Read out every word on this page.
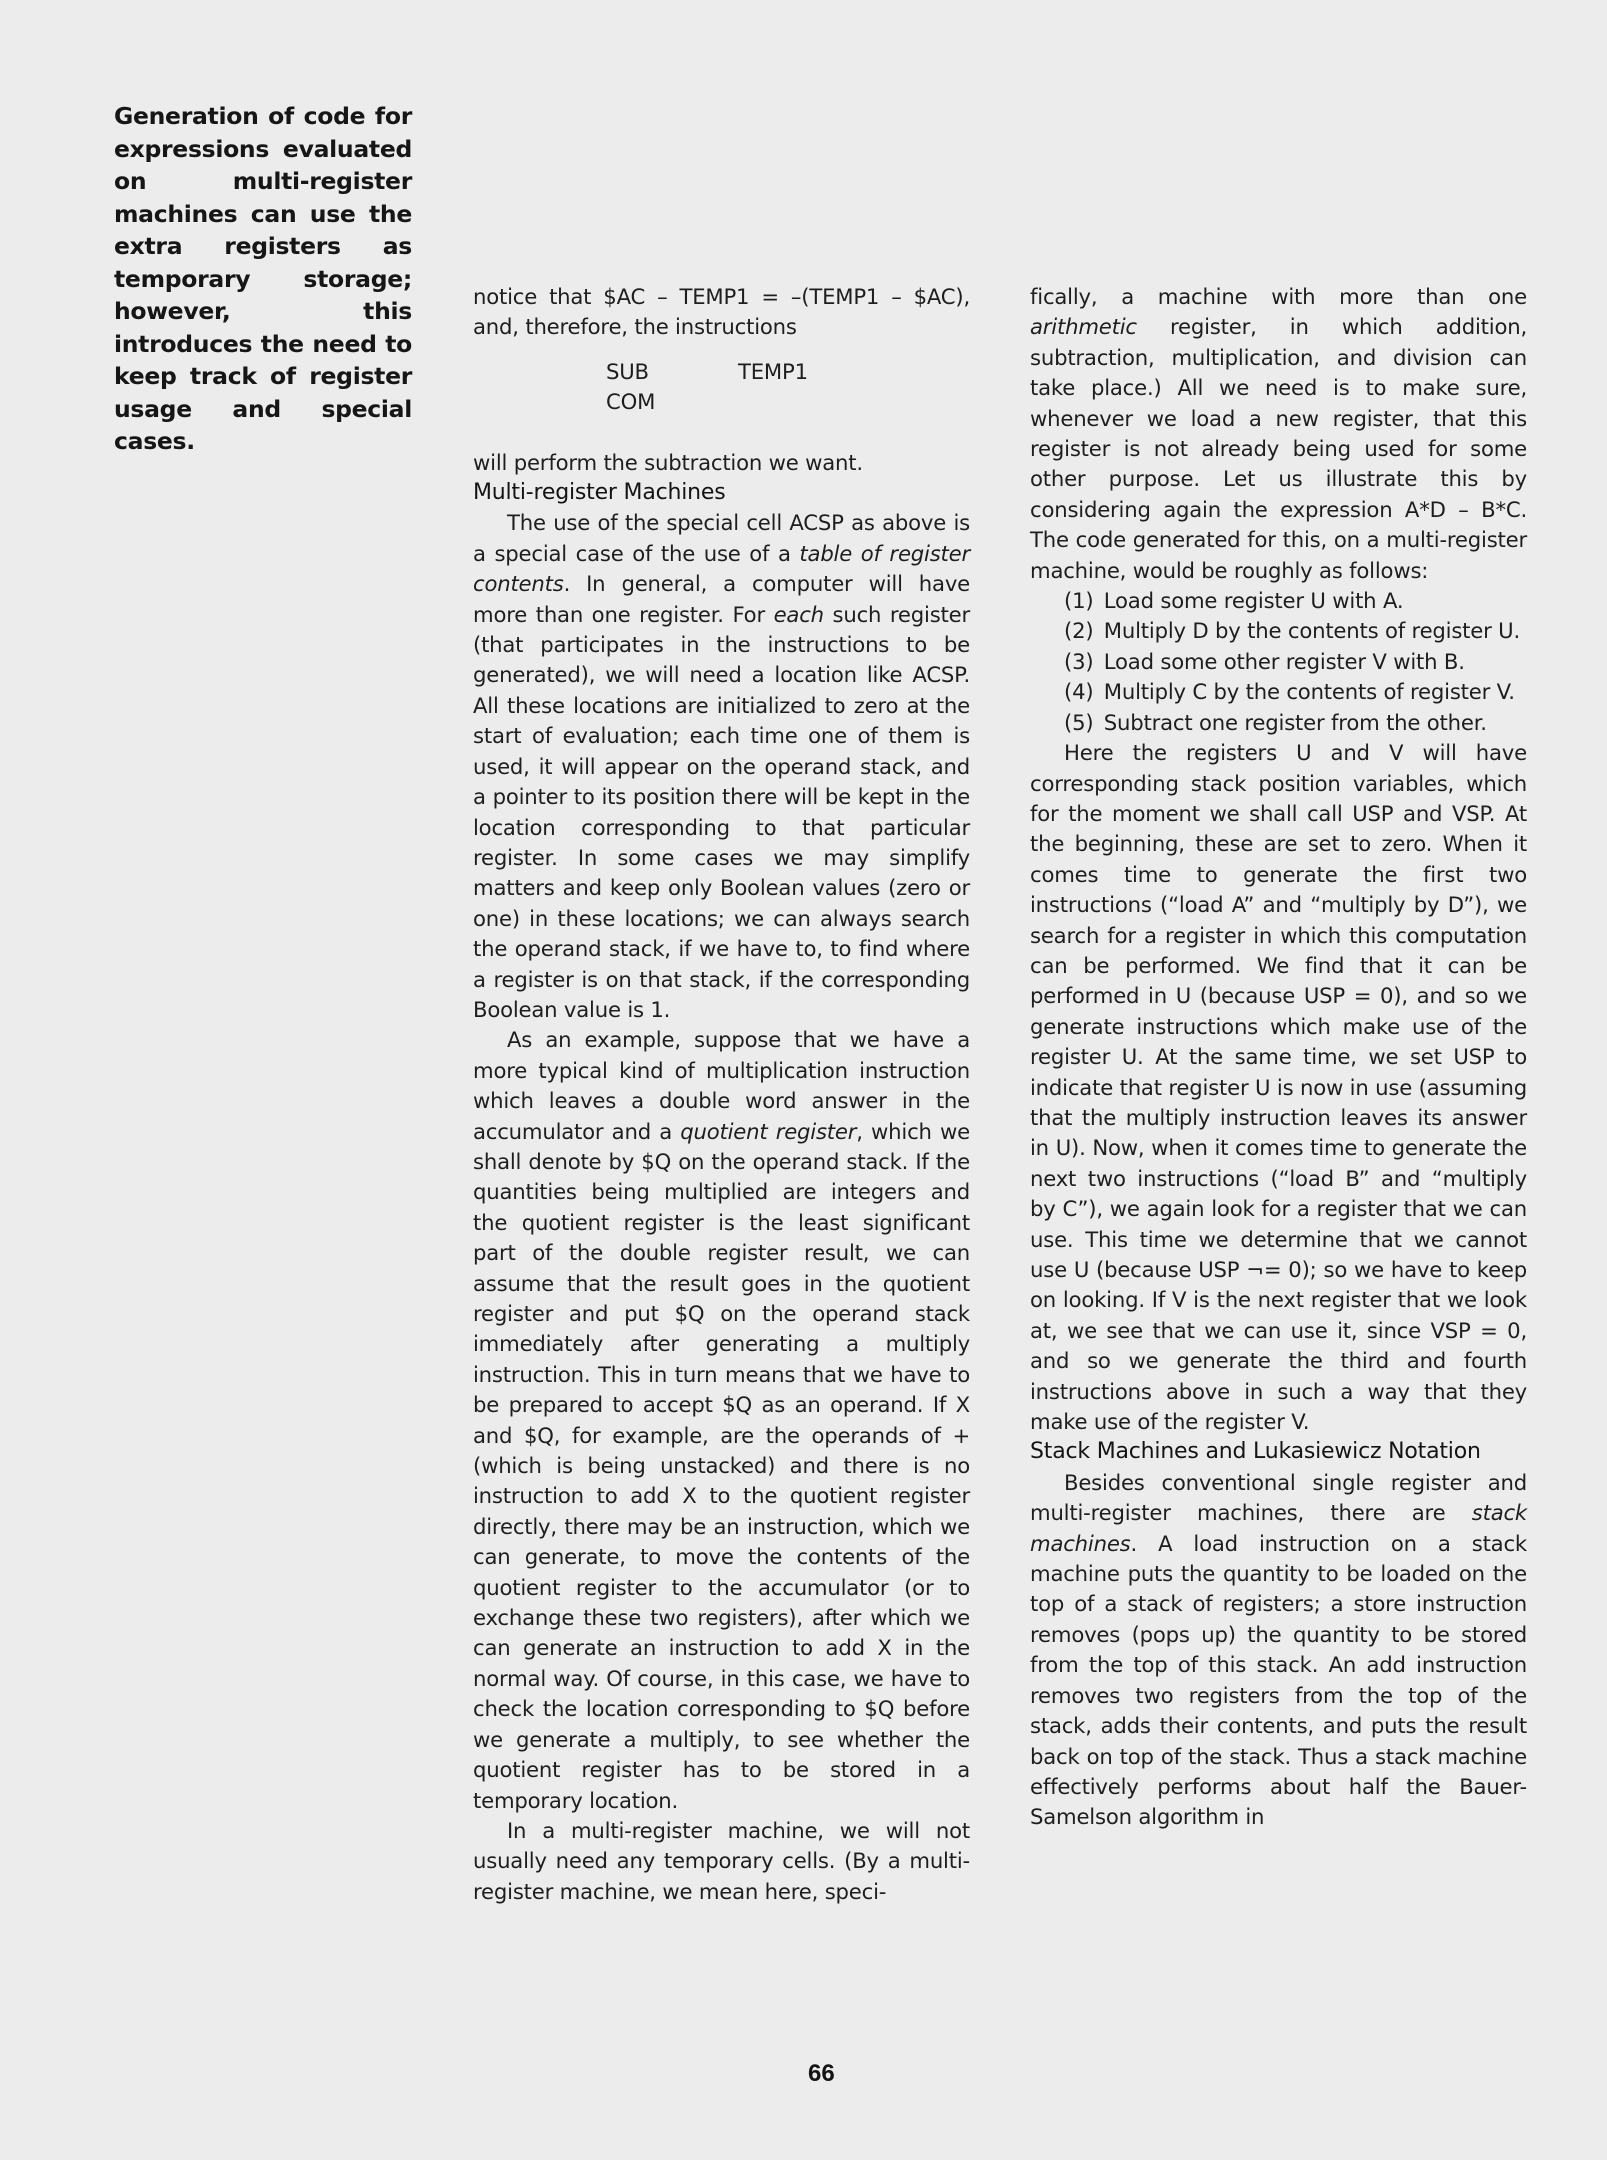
Generation of code for expressions evaluated on multi-register machines can use the extra registers as temporary storage; however, this introduces the need to keep track of register usage and special cases.

notice that $AC – TEMP1 = –(TEMP1 – $AC), and, therefore, the instructions

SUB	TEMP1
COM

will perform the subtraction we want.

Multi-register Machines

The use of the special cell ACSP as above is a special case of the use of a table of register contents. In general, a computer will have more than one register. For each such register (that participates in the instructions to be generated), we will need a location like ACSP. All these locations are initialized to zero at the start of evaluation; each time one of them is used, it will appear on the operand stack, and a pointer to its position there will be kept in the location corresponding to that particular register. In some cases we may simplify matters and keep only Boolean values (zero or one) in these locations; we can always search the operand stack, if we have to, to find where a register is on that stack, if the corresponding Boolean value is 1.

As an example, suppose that we have a more typical kind of multiplication instruction which leaves a double word answer in the accumulator and a quotient register, which we shall denote by $Q on the operand stack. If the quantities being multiplied are integers and the quotient register is the least significant part of the double register result, we can assume that the result goes in the quotient register and put $Q on the operand stack immediately after generating a multiply instruction. This in turn means that we have to be prepared to accept $Q as an operand. If X and $Q, for example, are the operands of + (which is being unstacked) and there is no instruction to add X to the quotient register directly, there may be an instruction, which we can generate, to move the contents of the quotient register to the accumulator (or to exchange these two registers), after which we can generate an instruction to add X in the normal way. Of course, in this case, we have to check the location corresponding to $Q before we generate a multiply, to see whether the quotient register has to be stored in a temporary location.

In a multi-register machine, we will not usually need any temporary cells. (By a multi-register machine, we mean here, speci-

fically, a machine with more than one arithmetic register, in which addition, subtraction, multiplication, and division can take place.) All we need is to make sure, whenever we load a new register, that this register is not already being used for some other purpose. Let us illustrate this by considering again the expression A*D – B*C. The code generated for this, on a multi-register machine, would be roughly as follows:

(1) Load some register U with A.

(2) Multiply D by the contents of register U.

(3) Load some other register V with B.

(4) Multiply C by the contents of register V.

(5) Subtract one register from the other.

Here the registers U and V will have corresponding stack position variables, which for the moment we shall call USP and VSP. At the beginning, these are set to zero. When it comes time to generate the first two instructions (“load A” and “multiply by D”), we search for a register in which this computation can be performed. We find that it can be performed in U (because USP = 0), and so we generate instructions which make use of the register U. At the same time, we set USP to indicate that register U is now in use (assuming that the multiply instruction leaves its answer in U). Now, when it comes time to generate the next two instructions (“load B” and “multiply by C”), we again look for a register that we can use. This time we determine that we cannot use U (because USP ¬= 0); so we have to keep on looking. If V is the next register that we look at, we see that we can use it, since VSP = 0, and so we generate the third and fourth instructions above in such a way that they make use of the register V.

Stack Machines and Lukasiewicz Notation

Besides conventional single register and multi-register machines, there are stack machines. A load instruction on a stack machine puts the quantity to be loaded on the top of a stack of registers; a store instruction removes (pops up) the quantity to be stored from the top of this stack. An add instruction removes two registers from the top of the stack, adds their contents, and puts the result back on top of the stack. Thus a stack machine effectively performs about half the Bauer-Samelson algorithm in

66
